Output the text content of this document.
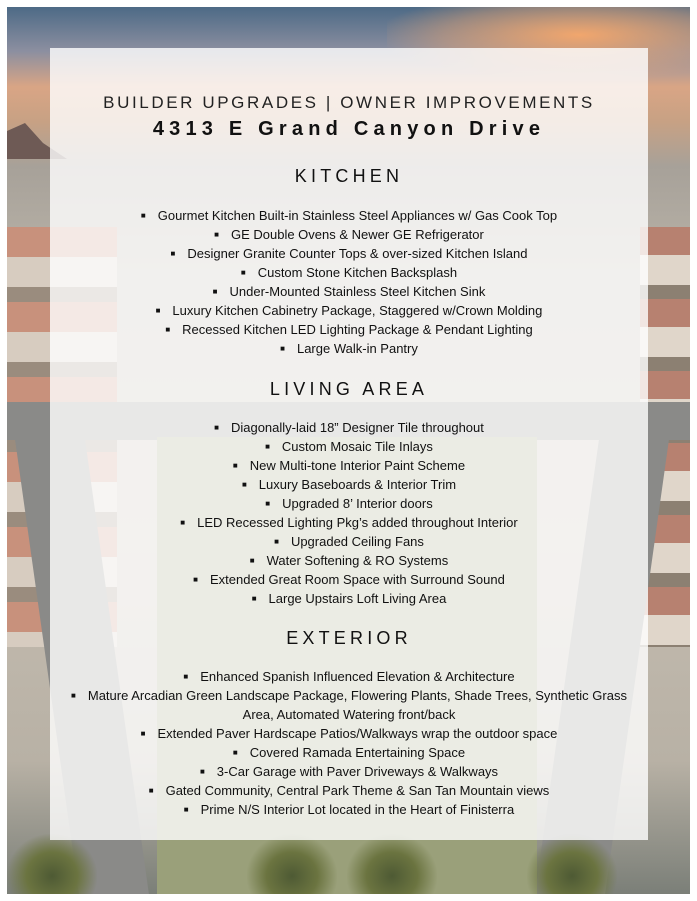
BUILDER UPGRADES | OWNER IMPROVEMENTS
4313 E Grand Canyon Drive
KITCHEN
■ Gourmet Kitchen Built-in Stainless Steel Appliances w/ Gas Cook Top
■ GE Double Ovens & Newer GE Refrigerator
■ Designer Granite Counter Tops & over-sized Kitchen Island
■ Custom Stone Kitchen Backsplash
■ Under-Mounted Stainless Steel Kitchen Sink
■ Luxury Kitchen Cabinetry Package, Staggered w/Crown Molding
■ Recessed Kitchen LED Lighting Package & Pendant Lighting
■ Large Walk-in Pantry
LIVING AREA
■ Diagonally-laid 18” Designer Tile throughout
■ Custom Mosaic Tile Inlays
■ New Multi-tone Interior Paint Scheme
■ Luxury Baseboards & Interior Trim
■ Upgraded 8’ Interior doors
■ LED Recessed Lighting Pkg’s added throughout Interior
■ Upgraded Ceiling Fans
■ Water Softening & RO Systems
■ Extended Great Room Space with Surround Sound
■ Large Upstairs Loft Living Area
EXTERIOR
■ Enhanced Spanish Influenced Elevation & Architecture
■ Mature Arcadian Green Landscape Package, Flowering Plants, Shade Trees, Synthetic Grass Area, Automated Watering front/back
■ Extended Paver Hardscape Patios/Walkways wrap the outdoor space
■ Covered Ramada Entertaining Space
■ 3-Car Garage with Paver Driveways & Walkways
■ Gated Community, Central Park Theme & San Tan Mountain views
■ Prime N/S Interior Lot located in the Heart of Finisterra
